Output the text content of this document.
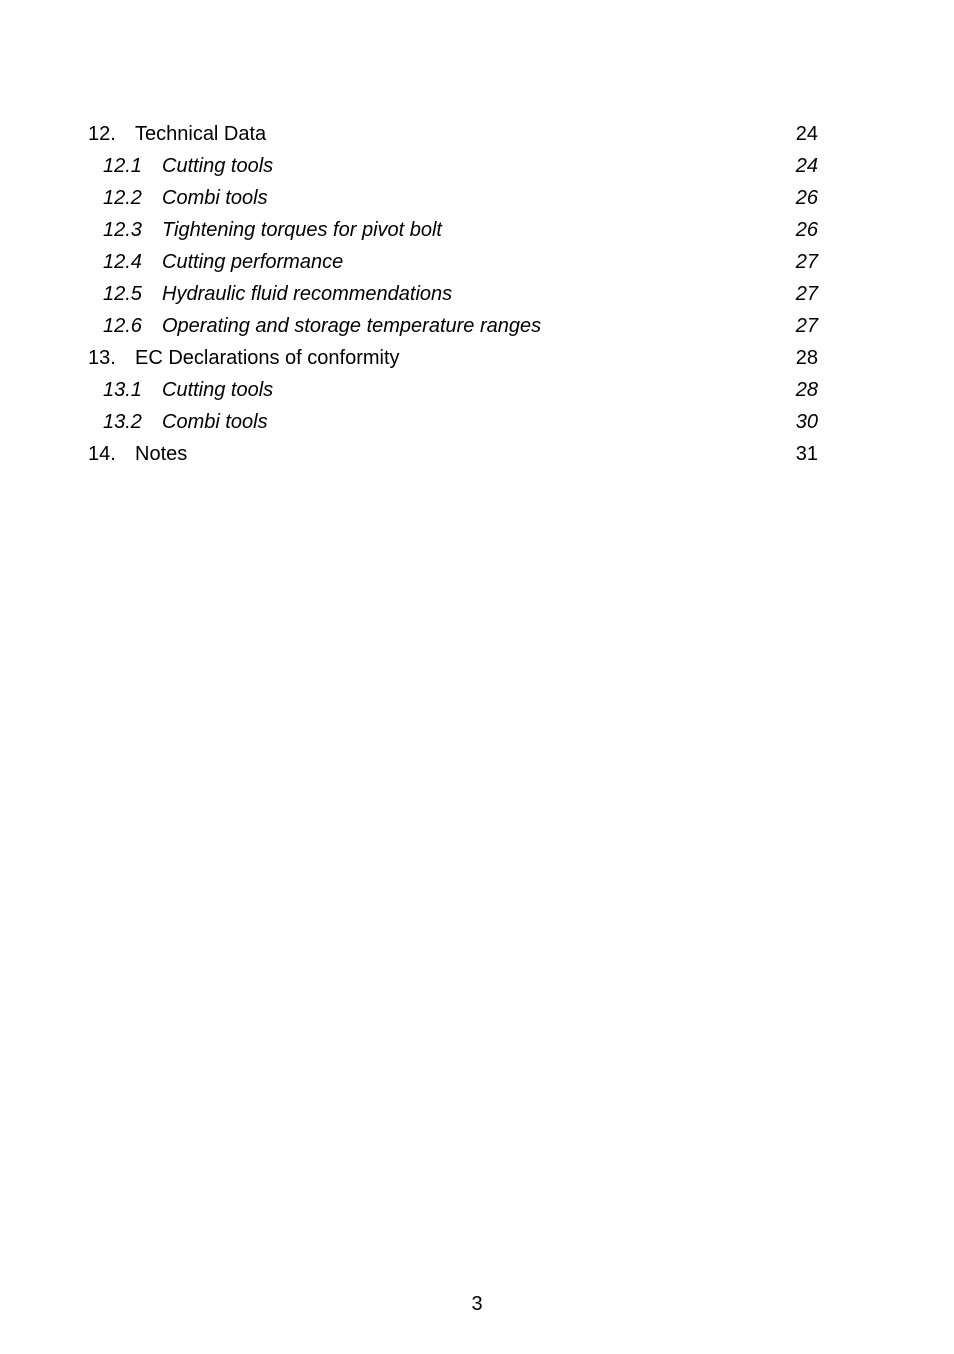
12. Technical Data	24
12.1 Cutting tools	24
12.2 Combi tools	26
12.3 Tightening torques for pivot bolt	26
12.4 Cutting performance	27
12.5 Hydraulic fluid recommendations	27
12.6 Operating and storage temperature ranges	27
13. EC Declarations of conformity	28
13.1 Cutting tools	28
13.2 Combi tools	30
14. Notes	31
3
